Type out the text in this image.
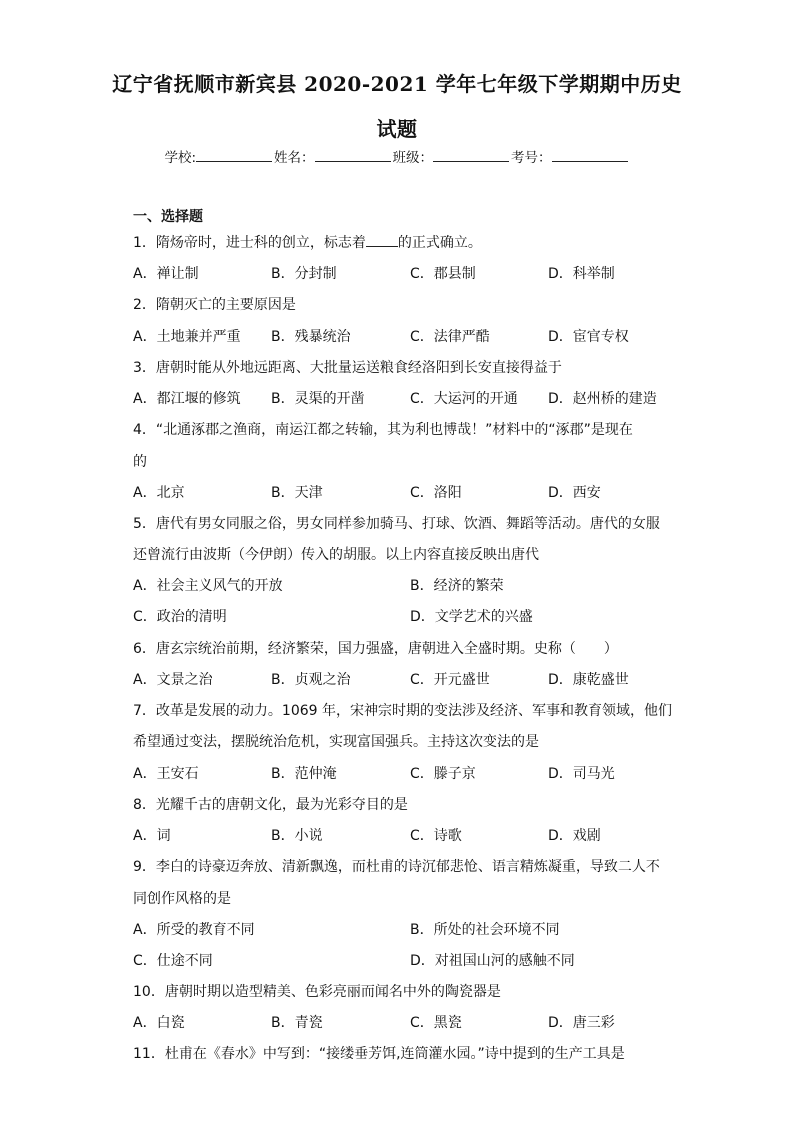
辽宁省抚顺市新宾县 2020-2021 学年七年级下学期期中历史
试题
学校:	姓名：	班级：	考号：
一、选择题
1．隋炀帝时，进士科的创立，标志着 的正式确立。
A．禅让制	B．分封制	C．郡县制	D．科举制
2．隋朝灭亡的主要原因是
A．土地兼并严重 B．残暴统治	C．法律严酷	D．宦官专权
3．唐朝时能从外地远距离、大批量运送粮食经洛阳到长安直接得益于
A．都江堰的修筑 B．灵渠的开凿	C．大运河的开通 D．赵州桥的建造
4．“北通涿郡之渔商，南运江都之转输，其为利也博哉！”材料中的“涿郡”是现在
的
A．北京	B．天津	C．洛阳	D．西安
5．唐代有男女同服之俗，男女同样参加骑马、打球、饮酒、舞蹈等活动。唐代的女服
还曾流行由波斯（今伊朗）传入的胡服。以上内容直接反映出唐代
A．社会主义风气的开放	B．经济的繁荣
C．政治的清明	D．文学艺术的兴盛
6．唐玄宗统治前期，经济繁荣，国力强盛，唐朝进入全盛时期。史称（　　）
A．文景之治	B．贞观之治	C．开元盛世	D．康乾盛世
7．改革是发展的动力。1069 年，宋神宗时期的变法涉及经济、军事和教育领域，他们
希望通过变法，摆脱统治危机，实现富国强兵。主持这次变法的是
A．王安石	B．范仲淹	C．滕子京	D．司马光
8．光耀千古的唐朝文化，最为光彩夺目的是
A．词	B．小说	C．诗歌	D．戏剧
9．李白的诗豪迈奔放、清新飘逸，而杜甫的诗沉郁悲怆、语言精炼凝重，导致二人不
同创作风格的是
A．所受的教育不同	B．所处的社会环境不同
C．仕途不同	D．对祖国山河的感触不同
10．唐朝时期以造型精美、色彩亮丽而闻名中外的陶瓷器是
A．白瓷	B．青瓷	C．黑瓷	D．唐三彩
11．杜甫在《春水》中写到：“接缕垂芳饵,连筒灌水园。”诗中提到的生产工具是
